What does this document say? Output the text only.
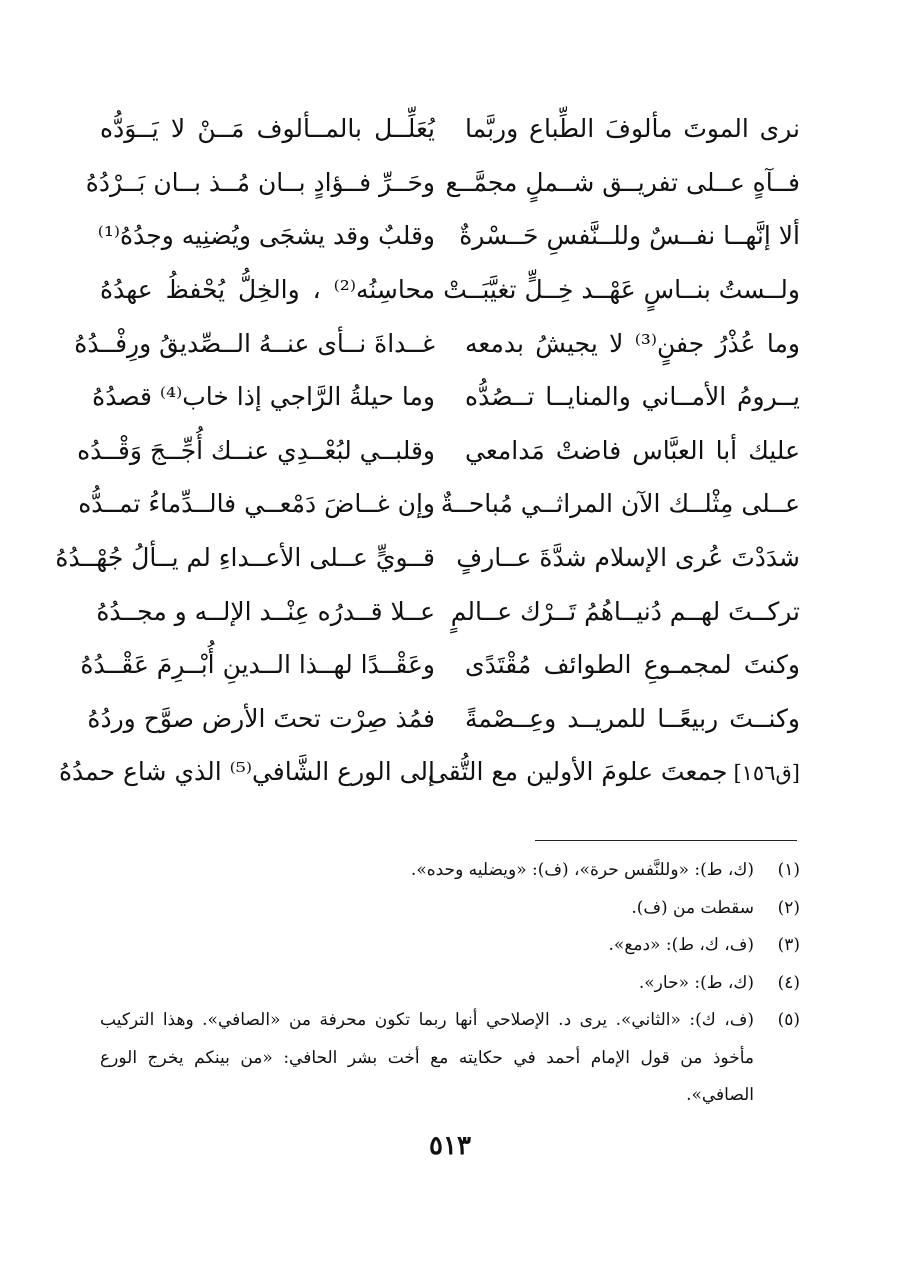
نرى الموتَ مألوفَ الطِّباع وربَّما
يُعَلِّــل بالمــألوف مَــنْ لا يَــوَدُّه
فــآهٍ عــلى تفريــق شــملٍ مجمَّــع
وحَــرِّ فــؤادٍ بــان مُــذ بــان بَــرْدُهُ
ألا إنَّهــا نفــسٌ وللــنَّفسِ حَــسْرةٌ
وقلبٌ وقد يشجَى ويُضنِيه وجدُهُ⁽¹⁾
ولــستُ بنــاسٍ عَهْــد خِــلٍّ تغيَّبَــتْ
محاسِنُه⁽²⁾ ، والخِلُّ يُحْفظُ عهدُهُ
وما عُذْرُ جفنٍ⁽³⁾ لا يجيشُ بدمعه
غــداةَ نــأى عنــهُ الــصِّديقُ ورِفْــدُهُ
يــرومُ الأمــاني والمنايــا تــصُدُّه
وما حيلةُ الرَّاجي إذا خاب⁽⁴⁾ قصدُهُ
عليك أبا العبَّاس فاضتْ مَدامعي
وقلبــي لبُعْــدِي عنــك أُجِّــجَ وَقْــدُه
عــلى مِثْلــك الآن المراثــي مُباحــةٌ
وإن غــاضَ دَمْعــي فالــدِّماءُ تمــدُّه
شدَدْتَ عُرى الإسلام شدَّةَ عــارفٍ
قــويٍّ عــلى الأعــداءِ لم يــألُ جُهْــدُهُ
تركــتَ لهــم دُنيــاهُمُ تَــرْك عــالمٍ
عــلا قــدرُه عِنْــد الإلــه و مجــدُهُ
وكنتَ لمجمـوعِ الطوائف مُقْتَدًى
وعَقْــدًا لهــذا الــدينِ أُبْــرِمَ عَقْــدُهُ
وكنــتَ ربيعًــا للمريــد وعِــصْمةً
فمُذ صِرْت تحتَ الأرض صوَّح وردُهُ
[ق١٥٦]جمعتَ علومَ الأولين مع التُّقى
إلى الورع الشَّافي⁽⁵⁾ الذي شاع حمدُهُ
(١)
(ك، ط): «وللنَّفس حرة»، (ف): «ويضليه وحده».
(٢)
سقطت من (ف).
(٣)
(ف، ك، ط): «دمع».
(٤)
(ك، ط): «حار».
(٥)
(ف، ك): «الثاني». يرى د. الإصلاحي أنها ربما تكون محرفة من «الصافي». وهذا التركيب مأخوذ من قول الإمام أحمد في حكايته مع أخت بشر الحافي: «من بينكم يخرج الورع الصافي».
٥١٣
